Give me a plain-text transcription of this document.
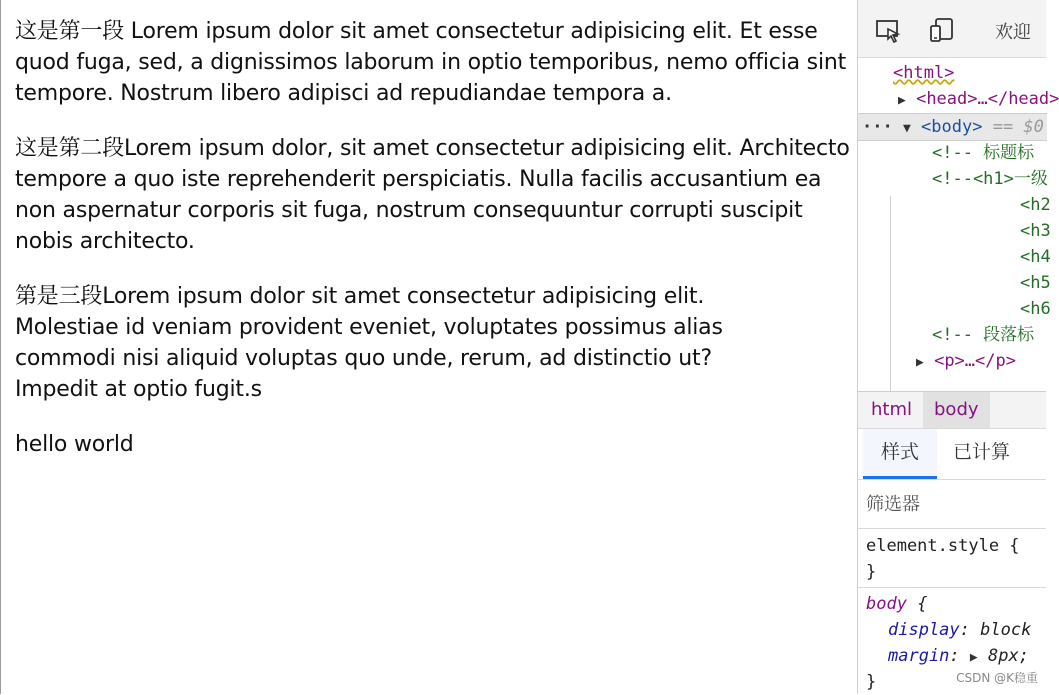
这是第一段 Lorem ipsum dolor sit amet consectetur adipisicing elit. Et esse quod fuga, sed, a dignissimos laborum in optio temporibus, nemo officia sint tempore. Nostrum libero adipisci ad repudiandae tempora a.

这是第二段Lorem ipsum dolor, sit amet consectetur adipisicing elit. Architecto tempore a quo iste reprehenderit perspiciatis. Nulla facilis accusantium ea non aspernatur corporis sit fuga, nostrum consequuntur corrupti suscipit nobis architecto.

第是三段Lorem ipsum dolor sit amet consectetur adipisicing elit. Molestiae id veniam provident eveniet, voluptates possimus alias commodi nisi aliquid voluptas quo unde, rerum, ad distinctio ut? Impedit at optio fugit.s

hello world

欢迎
<html>
▶ <head>…</head>
··· ▼ <body> == $0
<!-- 标题标
<!--<h1>一级
<h2
<h3
<h4
<h5
<h6
<!-- 段落标
▶ <p>…</p>
html	body
样式	已计算
筛选器
element.style {
}
body {
display: block
margin: ▶ 8px;
}	CSDN @K稳重
